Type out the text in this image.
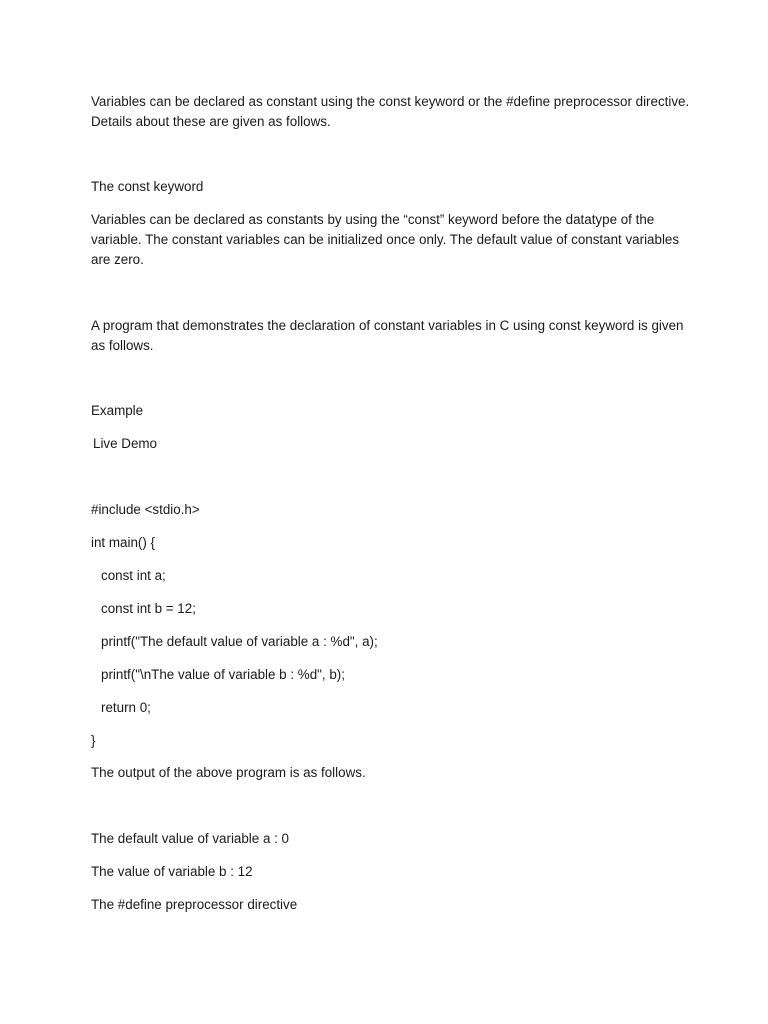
Variables can be declared as constant using the const keyword or the #define preprocessor directive. Details about these are given as follows.

The const keyword

Variables can be declared as constants by using the “const” keyword before the datatype of the variable. The constant variables can be initialized once only. The default value of constant variables are zero.

A program that demonstrates the declaration of constant variables in C using const keyword is given as follows.

Example

Live Demo

#include <stdio.h>

int main() {

const int a;

const int b = 12;

printf("The default value of variable a : %d", a);

printf("\nThe value of variable b : %d", b);

return 0;

}

The output of the above program is as follows.

The default value of variable a : 0

The value of variable b : 12

The #define preprocessor directive
